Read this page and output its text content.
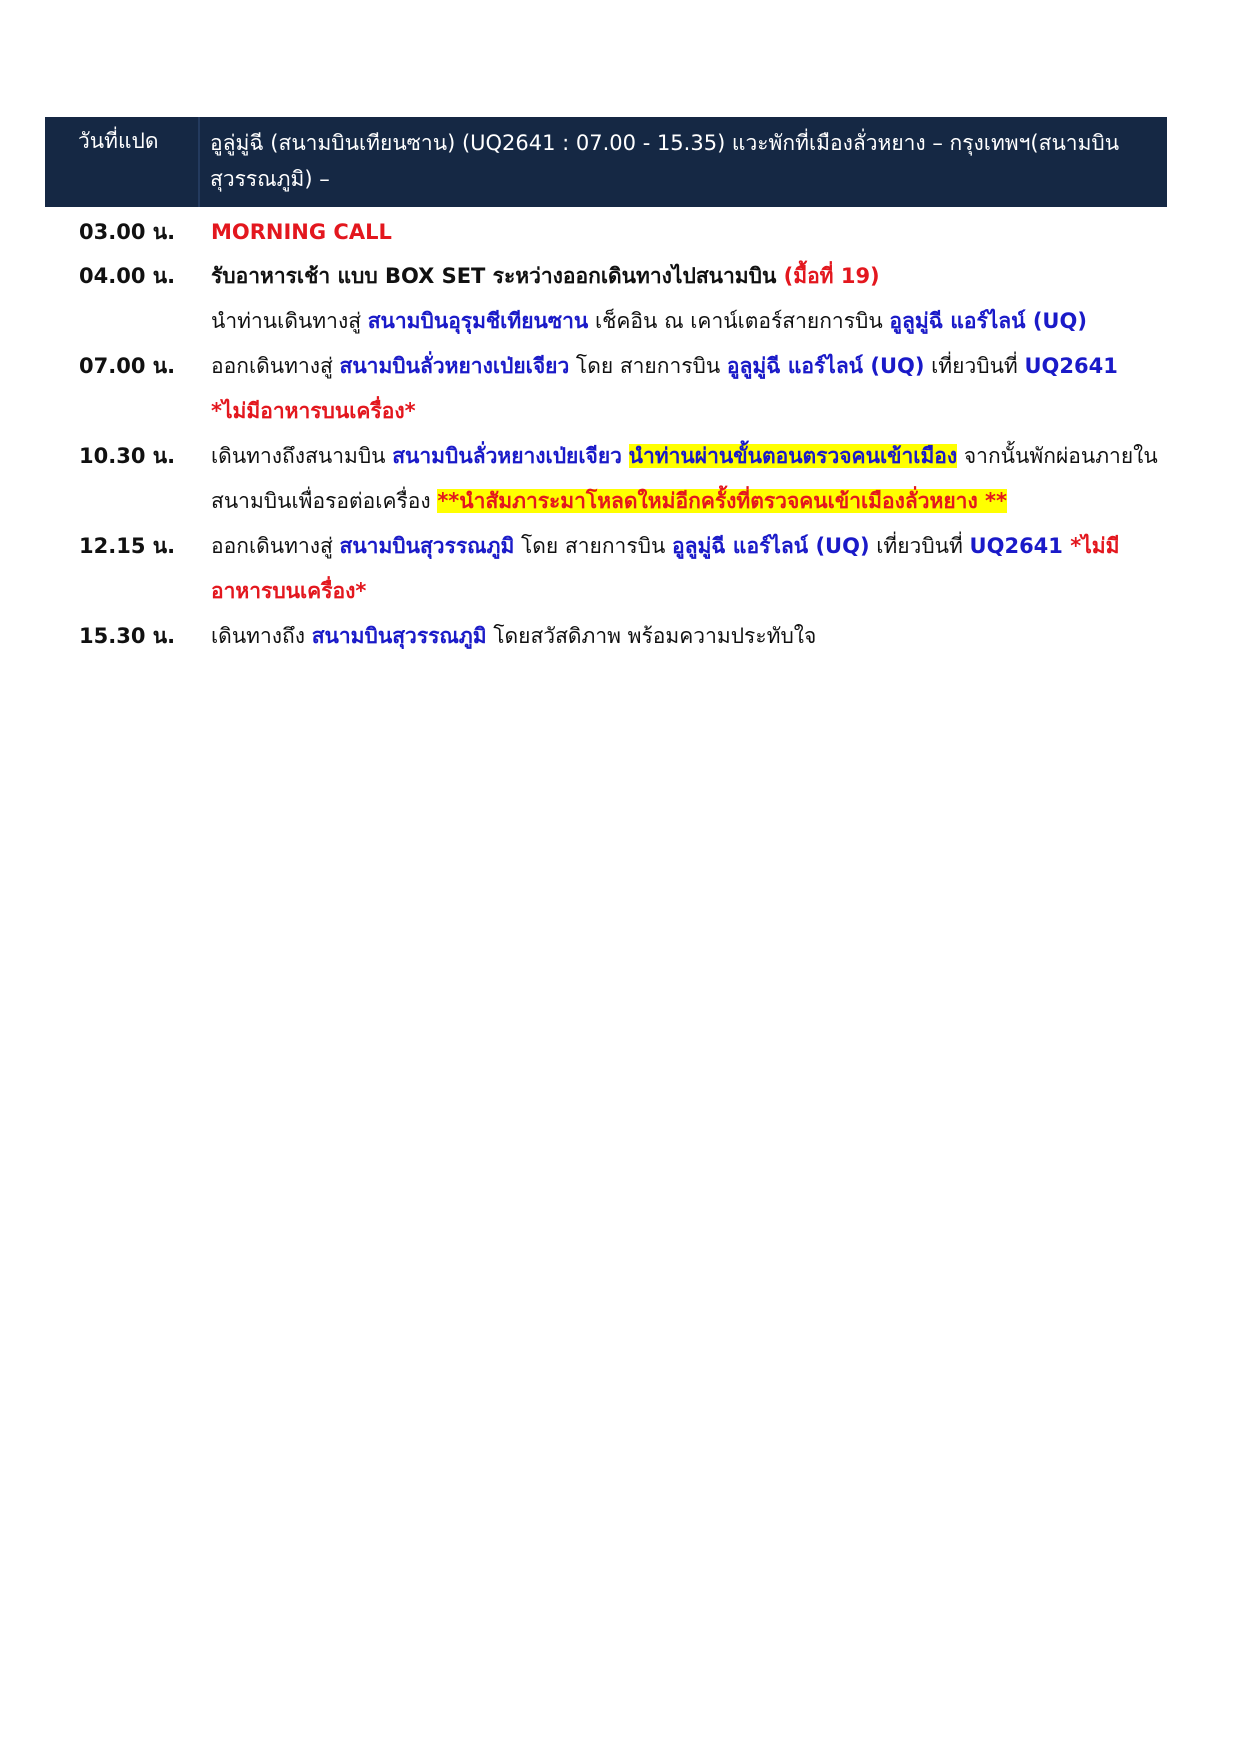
วันที่แปด อูลู่มู่ฉี (สนามบินเทียนซาน) (UQ2641 : 07.00 - 15.35) แวะพักที่เมืองลั่วหยาง – กรุงเทพฯ(สนามบินสุวรรณภูมิ) –
03.00 น. MORNING CALL
04.00 น. รับอาหารเช้า แบบ BOX SET ระหว่างออกเดินทางไปสนามบิน (มื้อที่ 19)
นำท่านเดินทางสู่ สนามบินอุรุมชีเทียนซาน เช็คอิน ณ เคาน์เตอร์สายการบิน อูลูมู่ฉี แอร์ไลน์ (UQ)
07.00 น. ออกเดินทางสู่ สนามบินลั่วหยางเป่ยเจียว โดย สายการบิน อูลูมู่ฉี แอร์ไลน์ (UQ) เที่ยวบินที่ UQ2641 *ไม่มีอาหารบนเครื่อง*
10.30 น. เดินทางถึงสนามบิน สนามบินลั่วหยางเป่ยเจียว นำท่านผ่านขั้นตอนตรวจคนเข้าเมือง จากนั้นพักผ่อนภายในสนามบินเพื่อรอต่อเครื่อง **นำสัมภาระมาโหลดใหม่อีกครั้งที่ตรวจคนเข้าเมืองลั่วหยาง **
12.15 น. ออกเดินทางสู่ สนามบินสุวรรณภูมิ โดย สายการบิน อูลูมู่ฉี แอร์ไลน์ (UQ) เที่ยวบินที่ UQ2641 *ไม่มีอาหารบนเครื่อง*
15.30 น. เดินทางถึง สนามบินสุวรรณภูมิ โดยสวัสดิภาพ พร้อมความประทับใจ
